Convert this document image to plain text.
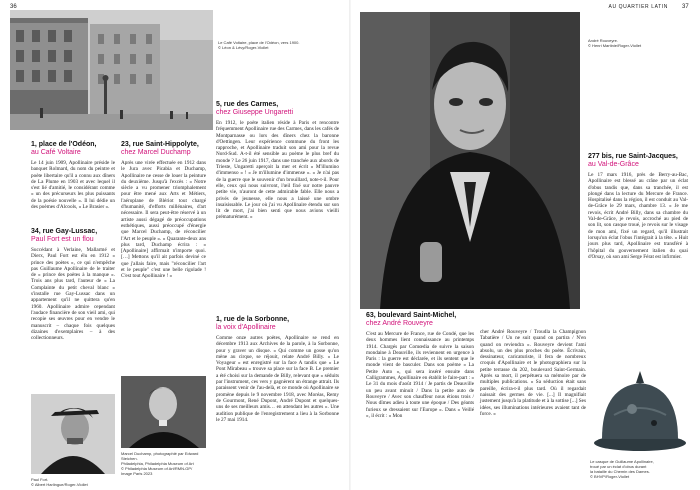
36
Le Café Voltaire, place de l'Odéon, vers 1900.
© Léon & Lévy/Roger-Viollet
1, place de l'Odéon,
au Café Voltaire
Le 14 juin 1909, Apollinaire préside le banquet Rolmard, du nom du peintre et poète libertaire qu'il a connu aux dîners de La Plume en 1903 et avec lequel il s'est lié d'amitié, le considérant comme « un des précurseurs les plus puissants de la poésie nouvelle ». Il lui dédie un des poèmes d'Alcools, « Le Brasier ».
34, rue Gay-Lussac,
Paul Fort est un flou
Succédant à Verlaine, Mallarmé et Dierx, Paul Fort est élu en 1912 « prince des poètes », ce qui n'empêche pas Guillaume Apollinaire de le traiter de « prince des poètes à la manque ». Trois ans plus tard, l'auteur de « La Complainte du petit cheval blanc » s'installe rue Gay-Lussac dans un appartement qu'il ne quittera qu'en 1960. Apollinaire admire cependant l'audace financière de son vieil ami, qui recopie ses œuvres pour en vendre le manuscrit – chaque fois quelques dizaines d'exemplaires – à des collectionneurs.
Paul Fort.
© Albert Harlingue/Roger-Viollet
23, rue Saint-Hippolyte,
chez Marcel Duchamp
Après une virée effectuée en 1912 dans le Jura avec Picabia et Duchamp, Apollinaire ne cesse de louer la peinture du deuxième. Jusqu'à l'excès : « Notre siècle a vu promener triomphalement pour être mené aux Arts et Métiers, l'aéroplane de Blériot tout chargé d'humanité, d'efforts millénaires, d'art nécessaire. Il sera peut-être réservé à un artiste aussi dégagé de préoccupations esthétiques, aussi préoccupé d'énergie que Marcel Duchamp, de réconcilier l'Art et le peuple ». « Quarante-deux ans plus tard, Duchamp écrira : « [Apollinaire] affirmait n'importe quoi. […] Mettons qu'il ait parfois deviné ce que j'allais faire, mais "réconcilier l'art et le peuple" c'est une belle rigolade ! C'est tout Apollinaire ! »
Marcel Duchamp, photographié par Edward Steichen.
Philadelphia, Philadelphia Museum of Art
© Philadelphia Museum of Art/RMN-GP/
Image Paris 2023
5, rue des Carmes,
chez Giuseppe Ungaretti
En 1912, le poète italien réside à Paris et rencontre fréquemment Apollinaire rue des Carmes, dans les cafés de Montparnasse ou lors des dîners chez la baronne d'Oettingen. Leur expérience commune du front les rapproche, et Apollinaire traduit son ami pour la revue Nord-Sud. A-t-il été sensible au poème le plus bref du monde ? Le 26 juin 1917, dans une tranchée aux abords de Trieste, Ungaretti aperçoit la mer et écrit « M'illumino d'immenso » ! « Je m'illumine d'immense ». « Je n'ai pas de la guerre que le souvenir d'un brouillard, note-t-il. Pour elle, ceux qui nous suivront, l'œil fixé sur notre pauvre petite vie, n'auront de cette admirable fable. Elle nous a privés de jeunesse, elle nous a laissé une ombre insaisissable. Le jour où j'ai vu Apollinaire étendu sur son lit de mort, j'ai bien senti que nous avions vieilli prématurément. »
1, rue de la Sorbonne,
la voix d'Apollinaire
Comme onze autres poètes, Apollinaire se rend en décembre 1913 aux Archives de la parole, à la Sorbonne, pour y graver un disque. « Qui comme un gosse qu'on mène au cirque, se réjouit, relate André Billy. « Le Voyageur » est enregistré sur la face A tandis que « Le Pont Mirabeau » trouve sa place sur la face B. Le premier a été choisi sur la demande de Billy, relevant que « séduits par l'instrument, ces vers y gagnèrent un étrange attrait. Ils paraissent venir de l'au-delà, et ce monde où Apollinaire se promène depuis le 9 novembre 1918, avec Moréas, Remy de Gourmont, René Dupont, André Dupont et quelques-uns de ses meilleurs amis… en attendant les autres ». Une audition publique de l'enregistrement a lieu à la Sorbonne le 27 mai 1914.
AU QUARTIER LATIN 37
André Rouveyre.
© Henri Martinie/Roger-Viollet
277 bis, rue Saint-Jacques,
au Val-de-Grâce
Le 17 mars 1916, près de Berry-au-Bac, Apollinaire est blessé au crâne par un éclat d'obus tandis que, dans sa tranchée, il est plongé dans la lecture du Mercure de France. Hospitalisé dans la région, il est conduit au Val-de-Grâce le 29 mars, chambre 13. « Je me revois, écrit André Billy, dans sa chambre du Val-de-Grâce, je revois, accroché au pied de son lit, son casque troué, je revois sur le visage de mon ami, fixé un regard, qu'il illustrait lorsqu'un éclat l'obus l'intégrait à la tête. » Huit jours plus tard, Apollinaire est transféré à l'hôpital du gouvernement italien du quai d'Orsay, où son ami Serge Férat est infirmier.
63, boulevard Saint-Michel,
chez André Rouveyre
C'est au Mercure de France, rue de Condé, que les deux hommes lient connaissance au printemps 1914. Chargés par Comœdia de suivre la saison mondaine à Deauville, ils reviennent en urgence à Paris : la guerre est déclarée, et ils sentent que le monde vient de basculer. Dans son poème « La Petite Auto », qui sera inséré ensuite dans Calligrammes, Apollinaire en établit le faire-part : « Le 31 du mois d'août 1914 / Je partis de Deauville un peu avant minuit / Dans la petite auto de Rouveyre / Avec son chauffeur nous étions trois / Nous dîmes adieu à toute une époque / Des géants furieux se dressaient sur l'Europe ». Dans « Veillé », il écrit : « Mon
cher André Rouveyre / Troudla la Champignon Tabatière / Un ne suit quand on partira / N'en quand on reviendra ». Rouveyre devient l'ami absolu, un des plus proches du poète. Écrivain, dessinateur, caricaturiste, il fera de nombreux croquis d'Apollinaire et le photographiera sur la petite terrasse du 202, boulevard Saint-Germain. Après sa mort, il perpétuera sa mémoire par de multiples publications. « Sa séduction était sans pareille, écrira-t-il plus tard. Où il regardait naissait des germes de vie. [...] Il magnifiait justement jusqu'à la platitude et à la sottise [...] Ses idées, ses illuminations intérieures avaient tant de force. »
Le casque de Guillaume Apollinaire,
troué par un éclat d'obus durant
la bataille du Chemin des Dames.
© BHVP/Roger-Viollet
